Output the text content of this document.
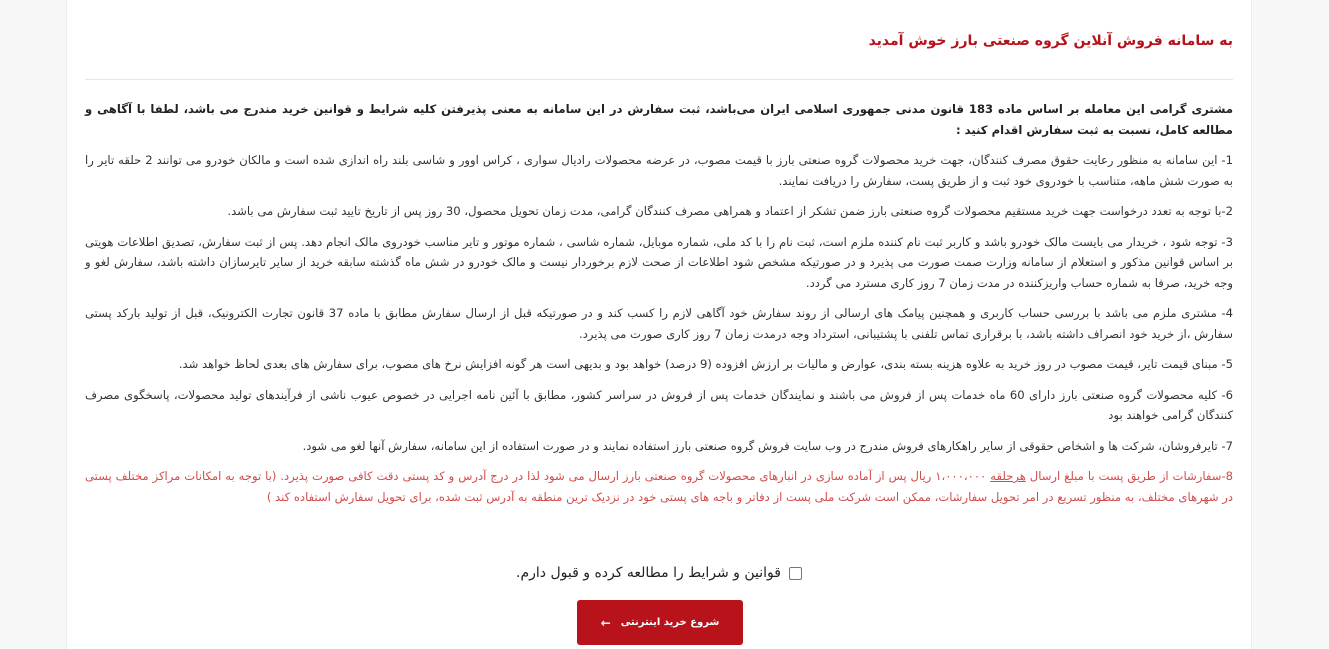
به سامانه فروش آنلاین گروه صنعتی بارز خوش آمدید

مشتری گرامی این معامله بر اساس ماده 183 قانون مدنی جمهوری اسلامی ایران می‌باشد، ثبت سفارش در این سامانه به معنی پذیرفتن کلیه شرایط و قوانین خرید مندرج می باشد، لطفا با آگاهی و مطالعه کامل، نسبت به ثبت سفارش اقدام کنید :

1- این سامانه به منظور رعایت حقوق مصرف کنندگان، جهت خرید محصولات گروه صنعتی بارز با قیمت مصوب، در عرضه محصولات رادیال سواری ، کراس اوور و شاسی بلند راه اندازی شده است و مالکان خودرو می توانند 2 حلقه تایر را به صورت شش ماهه، متناسب با خودروی خود ثبت و از طریق پست، سفارش را دریافت نمایند.

2-با توجه به تعدد درخواست جهت خرید مستقیم محصولات گروه صنعتی بارز ضمن تشکر از اعتماد و همراهی مصرف کنندگان گرامی، مدت زمان تحویل محصول، 30 روز پس از تاریخ تایید ثبت سفارش می باشد.

3- توجه شود ، خریدار می بایست مالک خودرو باشد و کاربر ثبت نام کننده ملزم است، ثبت نام را با کد ملی، شماره موبایل، شماره شاسی ، شماره موتور و تایر مناسب خودروی مالک انجام دهد. پس از ثبت سفارش، تصدیق اطلاعات هویتی بر اساس قوانین مذکور و استعلام از سامانه وزارت صمت صورت می پذیرد و در صورتیکه مشخص شود اطلاعات از صحت لازم برخوردار نیست و مالک خودرو در شش ماه گذشته سابقه خرید از سایر تایرسازان داشته باشد، سفارش لغو و وجه خرید، صرفا به شماره حساب واریزکننده در مدت زمان 7 روز کاری مسترد می گردد.

4- مشتری ملزم می باشد با بررسی حساب کاربری و همچنین پیامک های ارسالی از روند سفارش خود آگاهی لازم را کسب کند و در صورتیکه قبل از ارسال سفارش مطابق با ماده 37 قانون تجارت الکترونیک، قبل از تولید بارکد پستی سفارش ،از خرید خود انصراف داشته باشد، با برقراری تماس تلفنی با پشتیبانی، استرداد وجه درمدت زمان 7 روز کاری صورت می پذیرد.

5- مبنای قیمت تایر، قیمت مصوب در روز خرید به علاوه هزینه بسته بندی، عوارض و مالیات بر ارزش افزوده (9 درصد) خواهد بود و بدیهی است هر گونه افزایش نرخ های مصوب، برای سفارش های بعدی لحاظ خواهد شد.

6- کلیه محصولات گروه صنعتی بارز دارای 60 ماه خدمات پس از فروش می باشند و نمایندگان خدمات پس از فروش در سراسر کشور، مطابق با آئین نامه اجرایی در خصوص عیوب ناشی از فرآیندهای تولید محصولات، پاسخگوی مصرف کنندگان گرامی خواهند بود

7- تایرفروشان، شرکت ها و اشخاص حقوقی از سایر راهکارهای فروش مندرج در وب سایت فروش گروه صنعتی بارز استفاده نمایند و در صورت استفاده از این سامانه، سفارش آنها لغو می شود.

8-سفارشات از طریق پست با مبلغ ارسال هرحلقه ۱،۰۰۰،۰۰۰ ریال پس از آماده سازی در انبارهای محصولات گروه صنعتی بارز ارسال می شود لذا در درج آدرس و کد پستی دقت کافی صورت پذیرد. (با توجه به امکانات مراکز مختلف پستی در شهرهای مختلف، به منظور تسریع در امر تحویل سفارشات، ممکن است شرکت ملی پست از دفاتر و باجه های پستی خود در نزدیک ترین منطقه به آدرس ثبت شده، برای تحویل سفارش استفاده کند )

قوانین و شرایط را مطالعه کرده و قبول دارم.
شروع خرید اینترنتی
←
